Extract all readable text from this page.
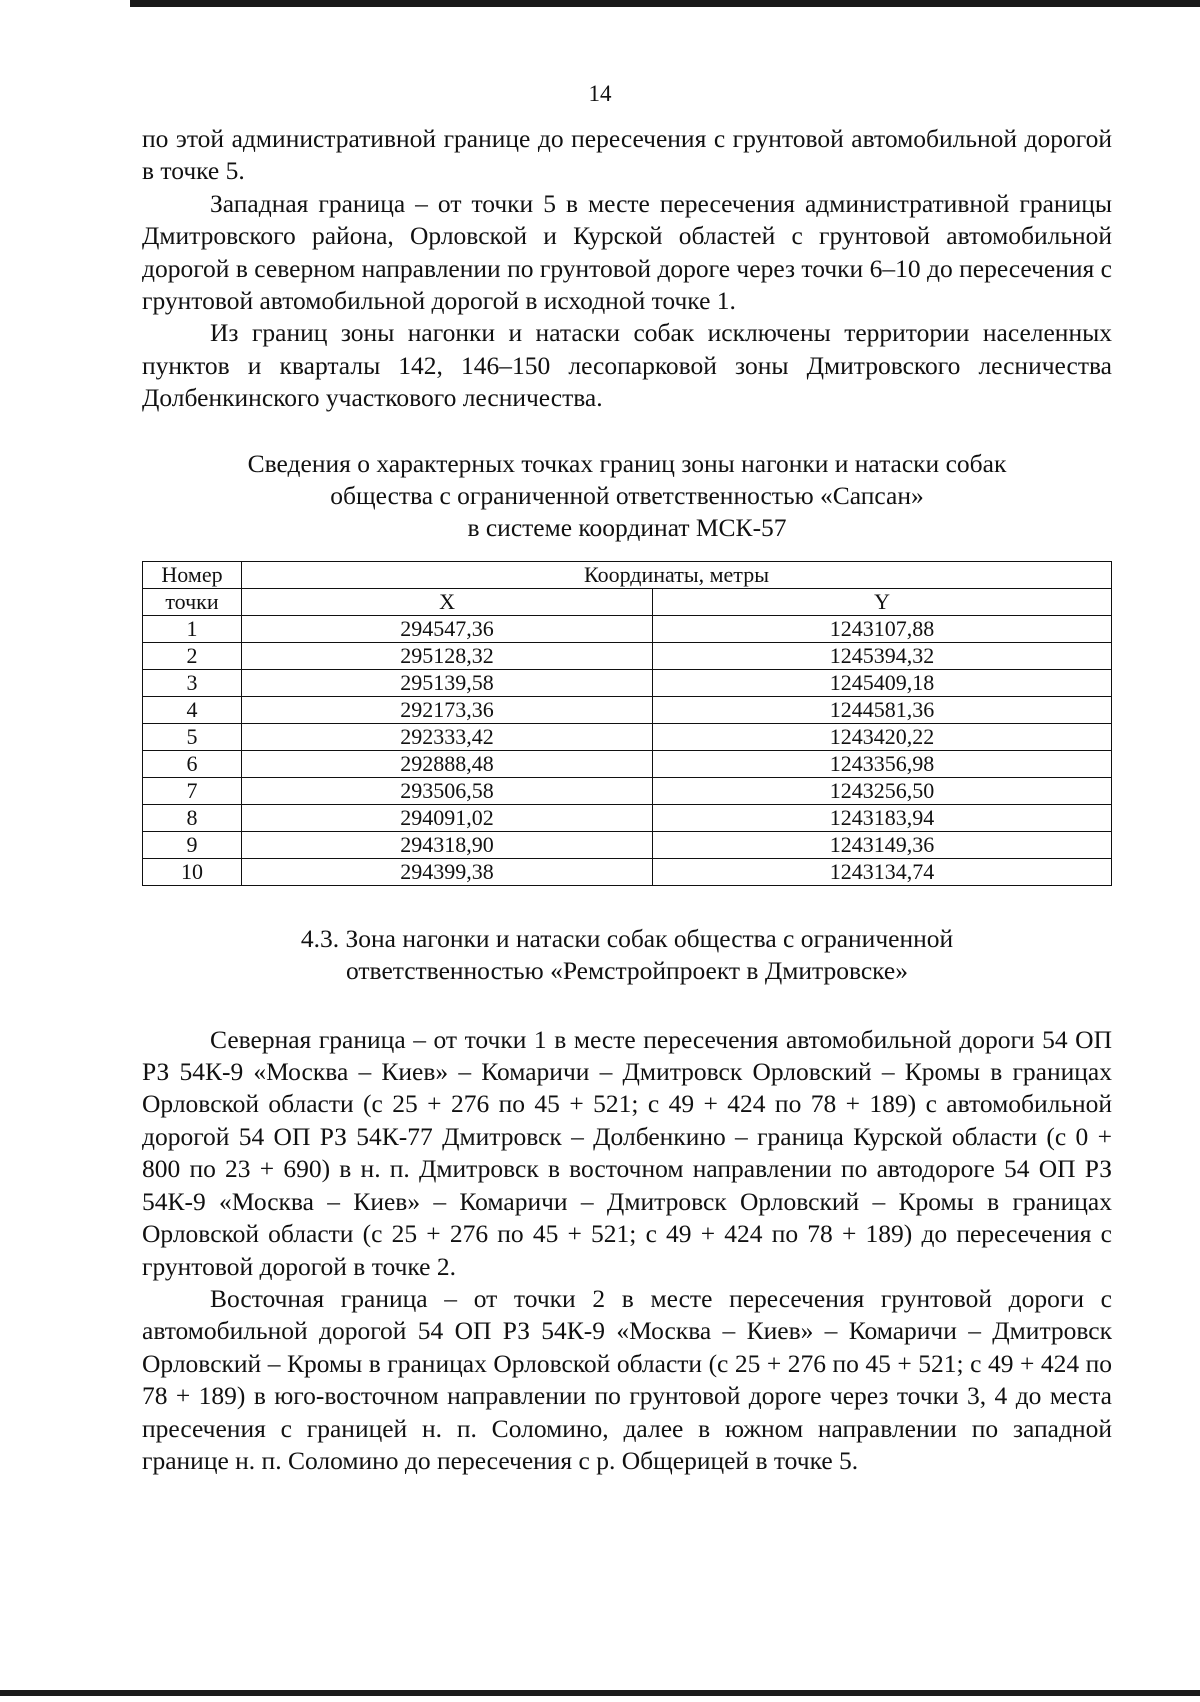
14

по этой административной границе до пересечения с грунтовой автомобильной дорогой в точке 5.

Западная граница – от точки 5 в месте пересечения административной границы Дмитровского района, Орловской и Курской областей с грунтовой автомобильной дорогой в северном направлении по грунтовой дороге через точки 6–10 до пересечения с грунтовой автомобильной дорогой в исходной точке 1.

Из границ зоны нагонки и натаски собак исключены территории населенных пунктов и кварталы 142, 146–150 лесопарковой зоны Дмитровского лесничества Долбенкинского участкового лесничества.

Сведения о характерных точках границ зоны нагонки и натаски собак

общества с ограниченной ответственностью «Сапсан»

в системе координат МСК-57

Номер	Координаты, метры	
точки	X	Y
1	294547,36	1243107,88
2	295128,32	1245394,32
3	295139,58	1245409,18
4	292173,36	1244581,36
5	292333,42	1243420,22
6	292888,48	1243356,98
7	293506,58	1243256,50
8	294091,02	1243183,94
9	294318,90	1243149,36
10	294399,38	1243134,74

4.3. Зона нагонки и натаски собак общества с ограниченной

ответственностью «Ремстройпроект в Дмитровске»

Северная граница – от точки 1 в месте пересечения автомобильной дороги 54 ОП РЗ 54К-9 «Москва – Киев» – Комаричи – Дмитровск Орловский – Кромы в границах Орловской области (с 25 + 276 по 45 + 521; с 49 + 424 по 78 + 189) с автомобильной дорогой 54 ОП РЗ 54К-77 Дмитровск – Долбенкино – граница Курской области (с 0 + 800 по 23 + 690) в н. п. Дмитровск в восточном направлении по автодороге 54 ОП РЗ 54К-9 «Москва – Киев» – Комаричи – Дмитровск Орловский – Кромы в границах Орловской области (с 25 + 276 по 45 + 521; с 49 + 424 по 78 + 189) до пересечения с грунтовой дорогой в точке 2.

Восточная граница – от точки 2 в месте пересечения грунтовой дороги с автомобильной дорогой 54 ОП РЗ 54К-9 «Москва – Киев» – Комаричи – Дмитровск Орловский – Кромы в границах Орловской области (с 25 + 276 по 45 + 521; с 49 + 424 по 78 + 189) в юго-восточном направлении по грунтовой дороге через точки 3, 4 до места пресечения с границей н. п. Соломино, далее в южном направлении по западной границе н. п. Соломино до пересечения с р. Общерицей в точке 5.
